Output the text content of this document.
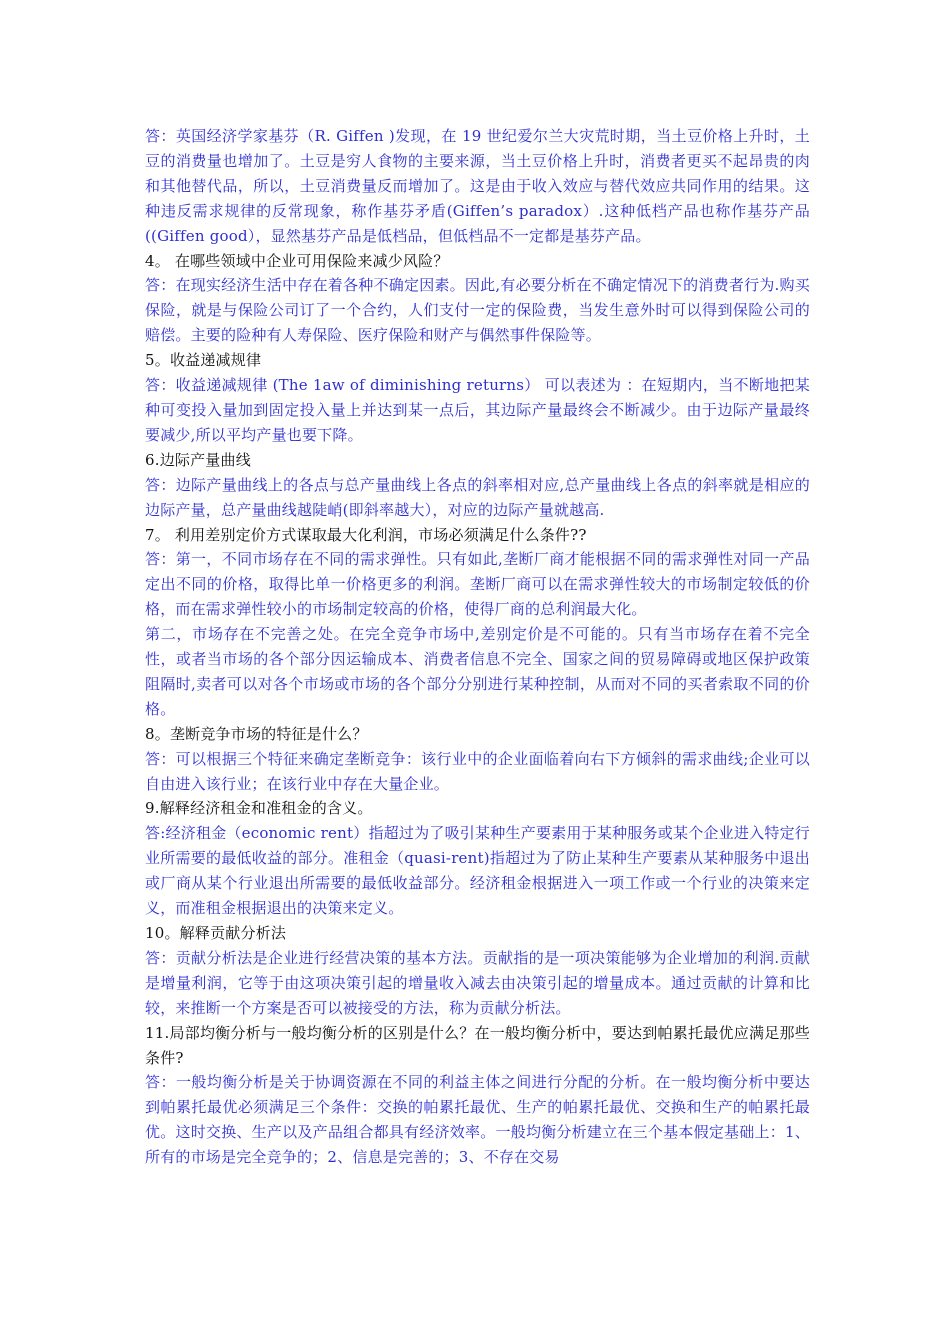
答：英国经济学家基芬（R. Giffen )发现，在 19 世纪爱尔兰大灾荒时期，当土豆价格上升时，土豆的消费量也增加了。土豆是穷人食物的主要来源，当土豆价格上升时，消费者更买不起昂贵的肉和其他替代品，所以，土豆消费量反而增加了。这是由于收入效应与替代效应共同作用的结果。这种违反需求规律的反常现象，称作基芬矛盾(Giffen’s paradox）.这种低档产品也称作基芬产品((Giffen good），显然基芬产品是低档品，但低档品不一定都是基芬产品。

4。 在哪些领域中企业可用保险来减少风险？

答：在现实经济生活中存在着各种不确定因素。因此,有必要分析在不确定情况下的消费者行为.购买保险，就是与保险公司订了一个合约，人们支付一定的保险费，当发生意外时可以得到保险公司的赔偿。主要的险种有人寿保险、医疗保险和财产与偶然事件保险等。

5。收益递减规律

答：收益递减规律 (The 1aw of diminishing returns） 可以表述为 ：在短期内，当不断地把某种可变投入量加到固定投入量上并达到某一点后，其边际产量最终会不断减少。由于边际产量最终要减少,所以平均产量也要下降。

6.边际产量曲线

答：边际产量曲线上的各点与总产量曲线上各点的斜率相对应,总产量曲线上各点的斜率就是相应的边际产量，总产量曲线越陡峭(即斜率越大），对应的边际产量就越高.

7。 利用差别定价方式谋取最大化利润，市场必须满足什么条件??

答：第一，不同市场存在不同的需求弹性。只有如此,垄断厂商才能根据不同的需求弹性对同一产品定出不同的价格，取得比单一价格更多的利润。垄断厂商可以在需求弹性较大的市场制定较低的价格，而在需求弹性较小的市场制定较高的价格，使得厂商的总利润最大化。

第二，市场存在不完善之处。在完全竞争市场中,差别定价是不可能的。只有当市场存在着不完全性，或者当市场的各个部分因运输成本、消费者信息不完全、国家之间的贸易障碍或地区保护政策阻隔时,卖者可以对各个市场或市场的各个部分分别进行某种控制，从而对不同的买者索取不同的价格。

8。垄断竞争市场的特征是什么？

答：可以根据三个特征来确定垄断竞争：该行业中的企业面临着向右下方倾斜的需求曲线;企业可以自由进入该行业；在该行业中存在大量企业。

9.解释经济租金和准租金的含义。

答:经济租金（economic rent）指超过为了吸引某种生产要素用于某种服务或某个企业进入特定行业所需要的最低收益的部分。准租金（quasi-rent)指超过为了防止某种生产要素从某种服务中退出或厂商从某个行业退出所需要的最低收益部分。经济租金根据进入一项工作或一个行业的决策来定义，而准租金根据退出的决策来定义。

10。解释贡献分析法

答：贡献分析法是企业进行经营决策的基本方法。贡献指的是一项决策能够为企业增加的利润.贡献是增量利润，它等于由这项决策引起的增量收入减去由决策引起的增量成本。通过贡献的计算和比较，来推断一个方案是否可以被接受的方法，称为贡献分析法。

11.局部均衡分析与一般均衡分析的区别是什么？在一般均衡分析中，要达到帕累托最优应满足那些条件?

答：一般均衡分析是关于协调资源在不同的利益主体之间进行分配的分析。在一般均衡分析中要达到帕累托最优必须满足三个条件：交换的帕累托最优、生产的帕累托最优、交换和生产的帕累托最优。这时交换、生产以及产品组合都具有经济效率。一般均衡分析建立在三个基本假定基础上：1、所有的市场是完全竞争的；2、信息是完善的；3、不存在交易
